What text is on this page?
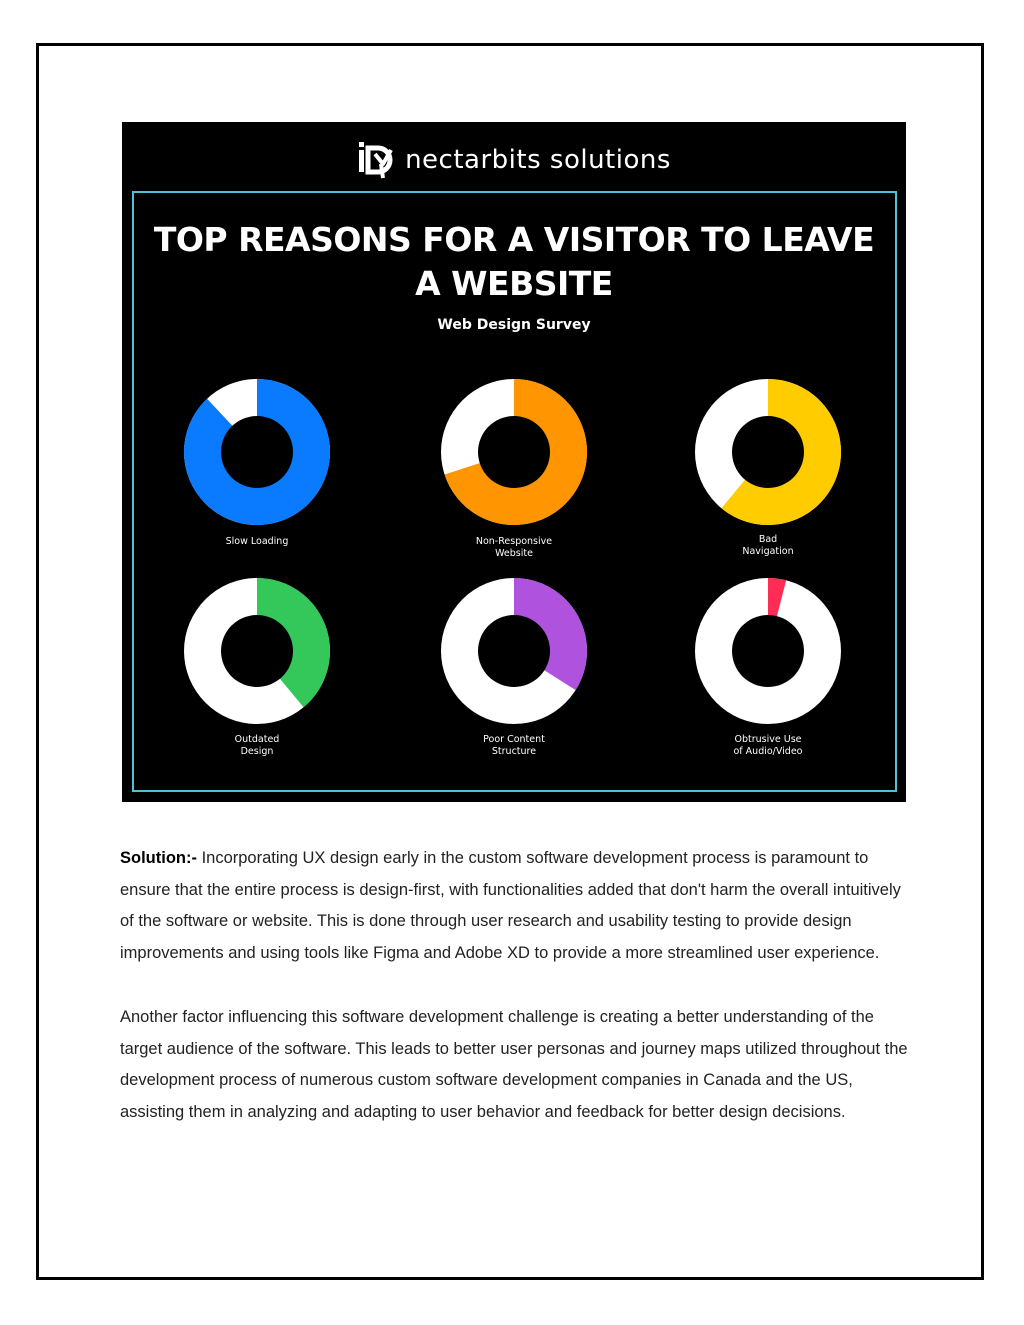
nectarbits solutions
TOP REASONS FOR A VISITOR TO LEAVE
A WEBSITE
Web Design Survey
Slow Loading	Non-Responsive
Website
Bad
Navigation
Outdated
Design
Poor Content
Structure
Obtrusive Use
of Audio/Video

Solution:- Incorporating UX design early in the custom software development process is paramount to ensure that the entire process is design-first, with functionalities added that don't harm the overall intuitively of the software or website. This is done through user research and usability testing to provide design improvements and using tools like Figma and Adobe XD to provide a more streamlined user experience.

Another factor influencing this software development challenge is creating a better understanding of the target audience of the software. This leads to better user personas and journey maps utilized throughout the development process of numerous custom software development companies in Canada and the US, assisting them in analyzing and adapting to user behavior and feedback for better design decisions.
